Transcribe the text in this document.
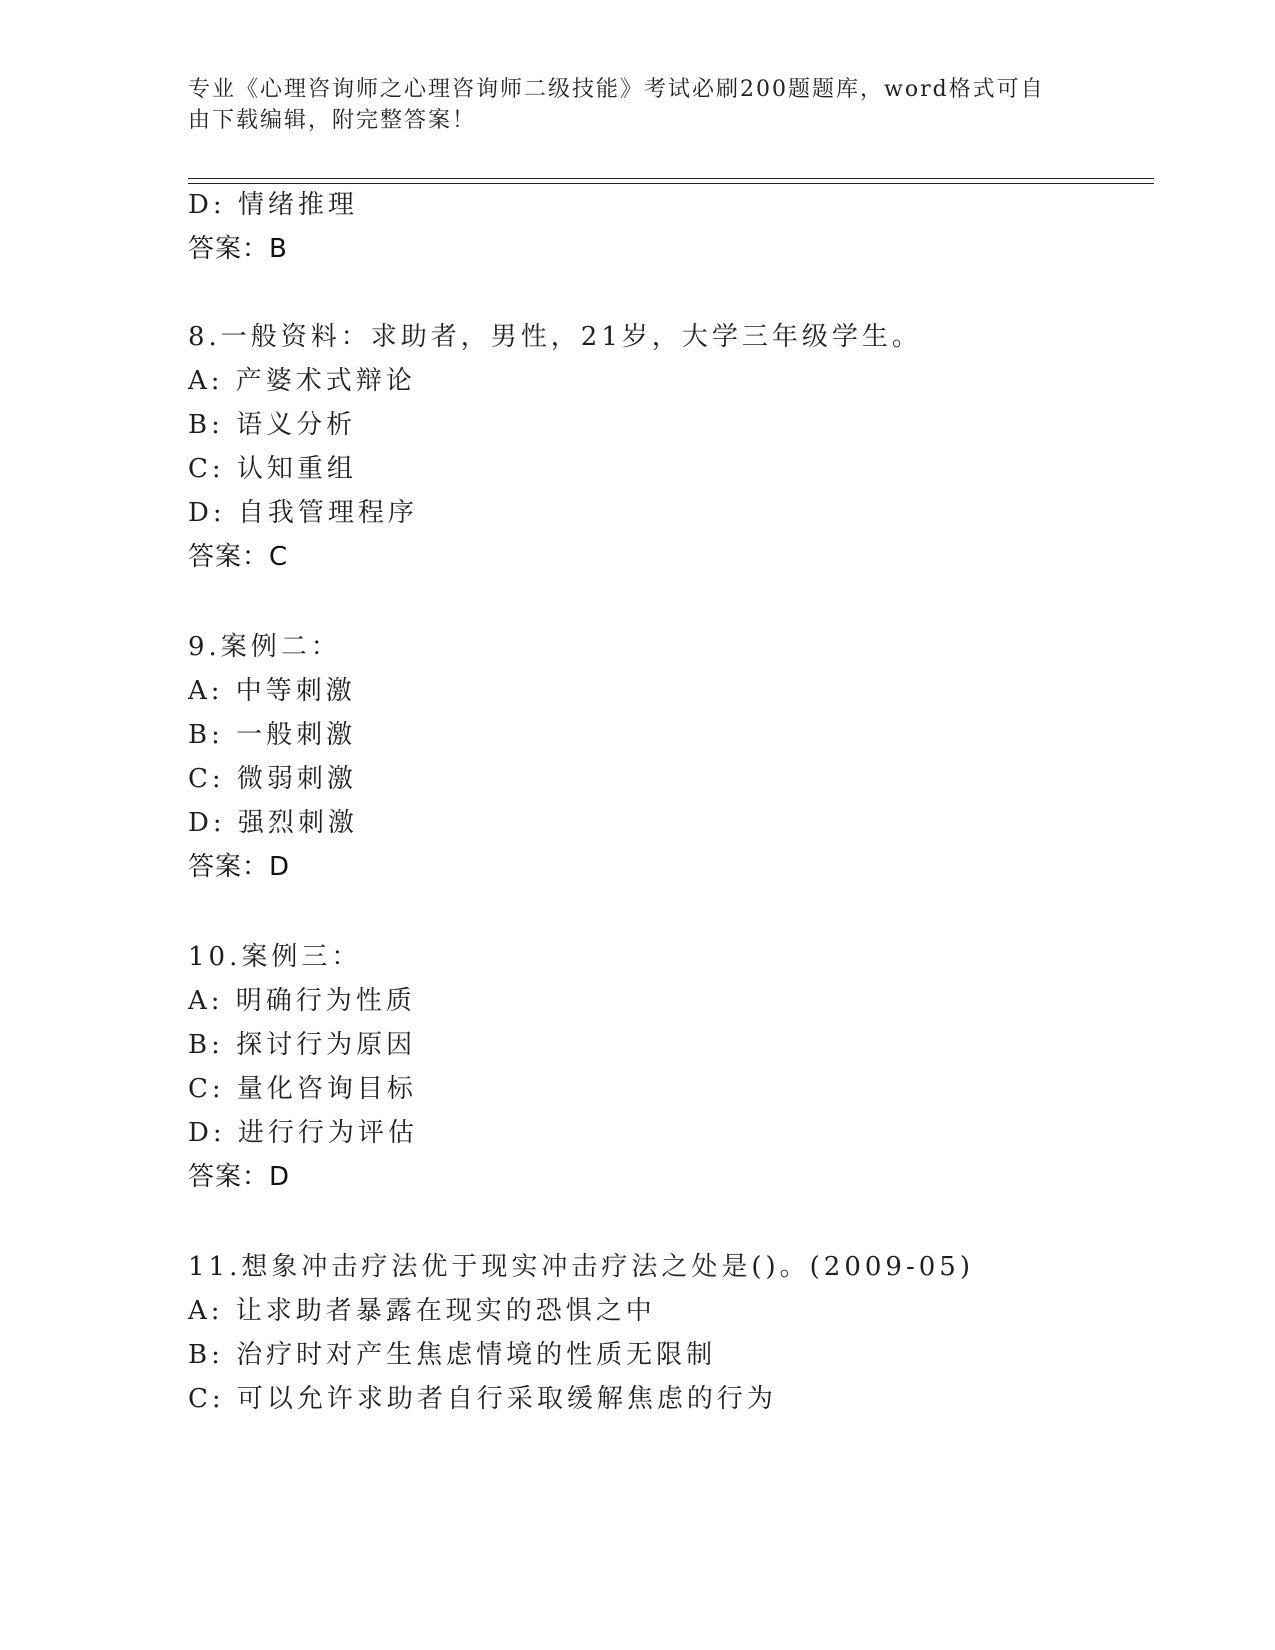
专业《心理咨询师之心理咨询师二级技能》考试必刷200题题库，word格式可自
由下载编辑，附完整答案！
D: 情绪推理
答案：B
8.一般资料：求助者，男性，21岁，大学三年级学生。
A: 产婆术式辩论
B: 语义分析
C: 认知重组
D: 自我管理程序
答案：C
9.案例二：
A: 中等刺激
B: 一般刺激
C: 微弱刺激
D: 强烈刺激
答案：D
10.案例三：
A: 明确行为性质
B: 探讨行为原因
C: 量化咨询目标
D: 进行行为评估
答案：D
11.想象冲击疗法优于现实冲击疗法之处是()。(2009-05)
A: 让求助者暴露在现实的恐惧之中
B: 治疗时对产生焦虑情境的性质无限制
C: 可以允许求助者自行采取缓解焦虑的行为
